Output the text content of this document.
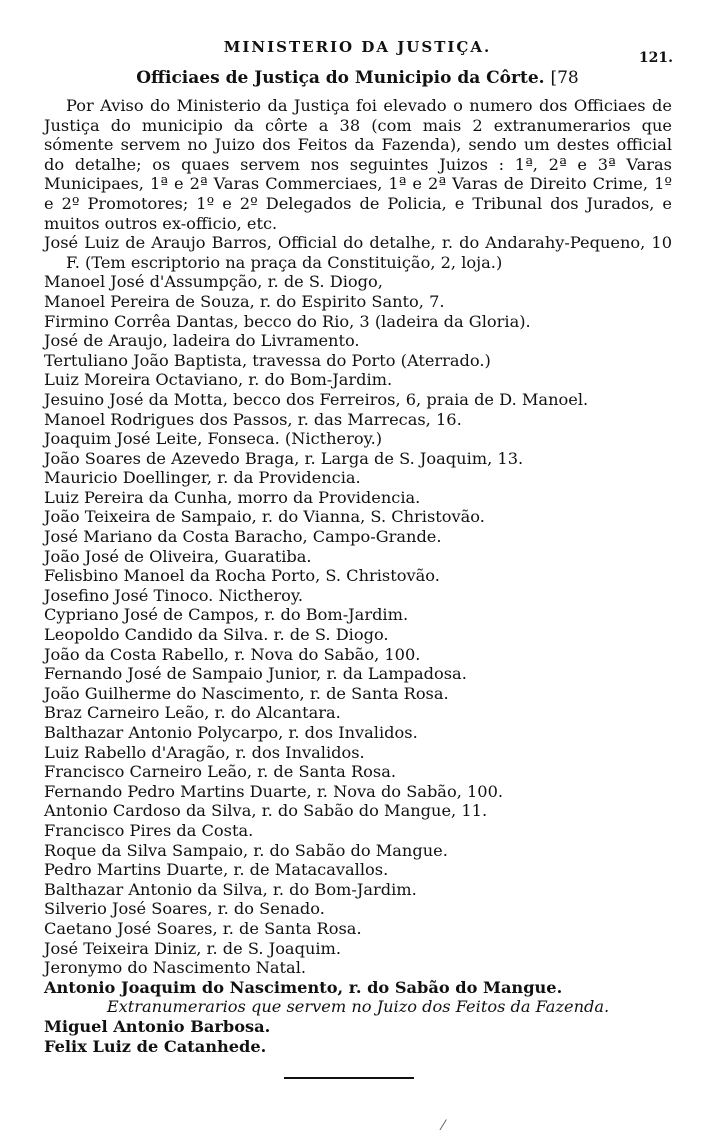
MINISTERIO DA JUSTIÇA.
121.
Officiaes de Justiça do Municipio da Côrte. [78

Por Aviso do Ministerio da Justiça foi elevado o numero dos Officiaes de Justiça do municipio da côrte a 38 (com mais 2 extranumerarios que sómente servem no Juizo dos Feitos da Fazenda), sendo um destes official do detalhe; os quaes servem nos seguintes Juizos : 1ª, 2ª e 3ª Varas Municipaes, 1ª e 2ª Varas Commerciaes, 1ª e 2ª Varas de Direito Crime, 1º e 2º Promotores; 1º e 2º Delegados de Policia, e Tribunal dos Jurados, e muitos outros ex-officio, etc.

José Luiz de Araujo Barros, Official do detalhe, r. do Andarahy-Pequeno, 10 F. (Tem escriptorio na praça da Constituição, 2, loja.)
Manoel José d'Assumpção, r. de S. Diogo,
Manoel Pereira de Souza, r. do Espirito Santo, 7.
Firmino Corrêa Dantas, becco do Rio, 3 (ladeira da Gloria).
José de Araujo, ladeira do Livramento.
Tertuliano João Baptista, travessa do Porto (Aterrado.)
Luiz Moreira Octaviano, r. do Bom-Jardim.
Jesuino José da Motta, becco dos Ferreiros, 6, praia de D. Manoel.
Manoel Rodrigues dos Passos, r. das Marrecas, 16.
Joaquim José Leite, Fonseca. (Nictheroy.)
João Soares de Azevedo Braga, r. Larga de S. Joaquim, 13.
Mauricio Doellinger, r. da Providencia.
Luiz Pereira da Cunha, morro da Providencia.
João Teixeira de Sampaio, r. do Vianna, S. Christovão.
José Mariano da Costa Baracho, Campo-Grande.
João José de Oliveira, Guaratiba.
Felisbino Manoel da Rocha Porto, S. Christovão.
Josefino José Tinoco. Nictheroy.
Cypriano José de Campos, r. do Bom-Jardim.
Leopoldo Candido da Silva. r. de S. Diogo.
João da Costa Rabello, r. Nova do Sabão, 100.
Fernando José de Sampaio Junior, r. da Lampadosa.
João Guilherme do Nascimento, r. de Santa Rosa.
Braz Carneiro Leão, r. do Alcantara.
Balthazar Antonio Polycarpo, r. dos Invalidos.
Luiz Rabello d'Aragão, r. dos Invalidos.
Francisco Carneiro Leão, r. de Santa Rosa.
Fernando Pedro Martins Duarte, r. Nova do Sabão, 100.
Antonio Cardoso da Silva, r. do Sabão do Mangue, 11.
Francisco Pires da Costa.
Roque da Silva Sampaio, r. do Sabão do Mangue.
Pedro Martins Duarte, r. de Matacavallos.
Balthazar Antonio da Silva, r. do Bom-Jardim.
Silverio José Soares, r. do Senado.
Caetano José Soares, r. de Santa Rosa.
José Teixeira Diniz, r. de S. Joaquim.
Jeronymo do Nascimento Natal.
Antonio Joaquim do Nascimento, r. do Sabão do Mangue.

Extranumerarios que servem no Juizo dos Feitos da Fazenda.

Miguel Antonio Barbosa.
Felix Luiz de Catanhede.
⁄
